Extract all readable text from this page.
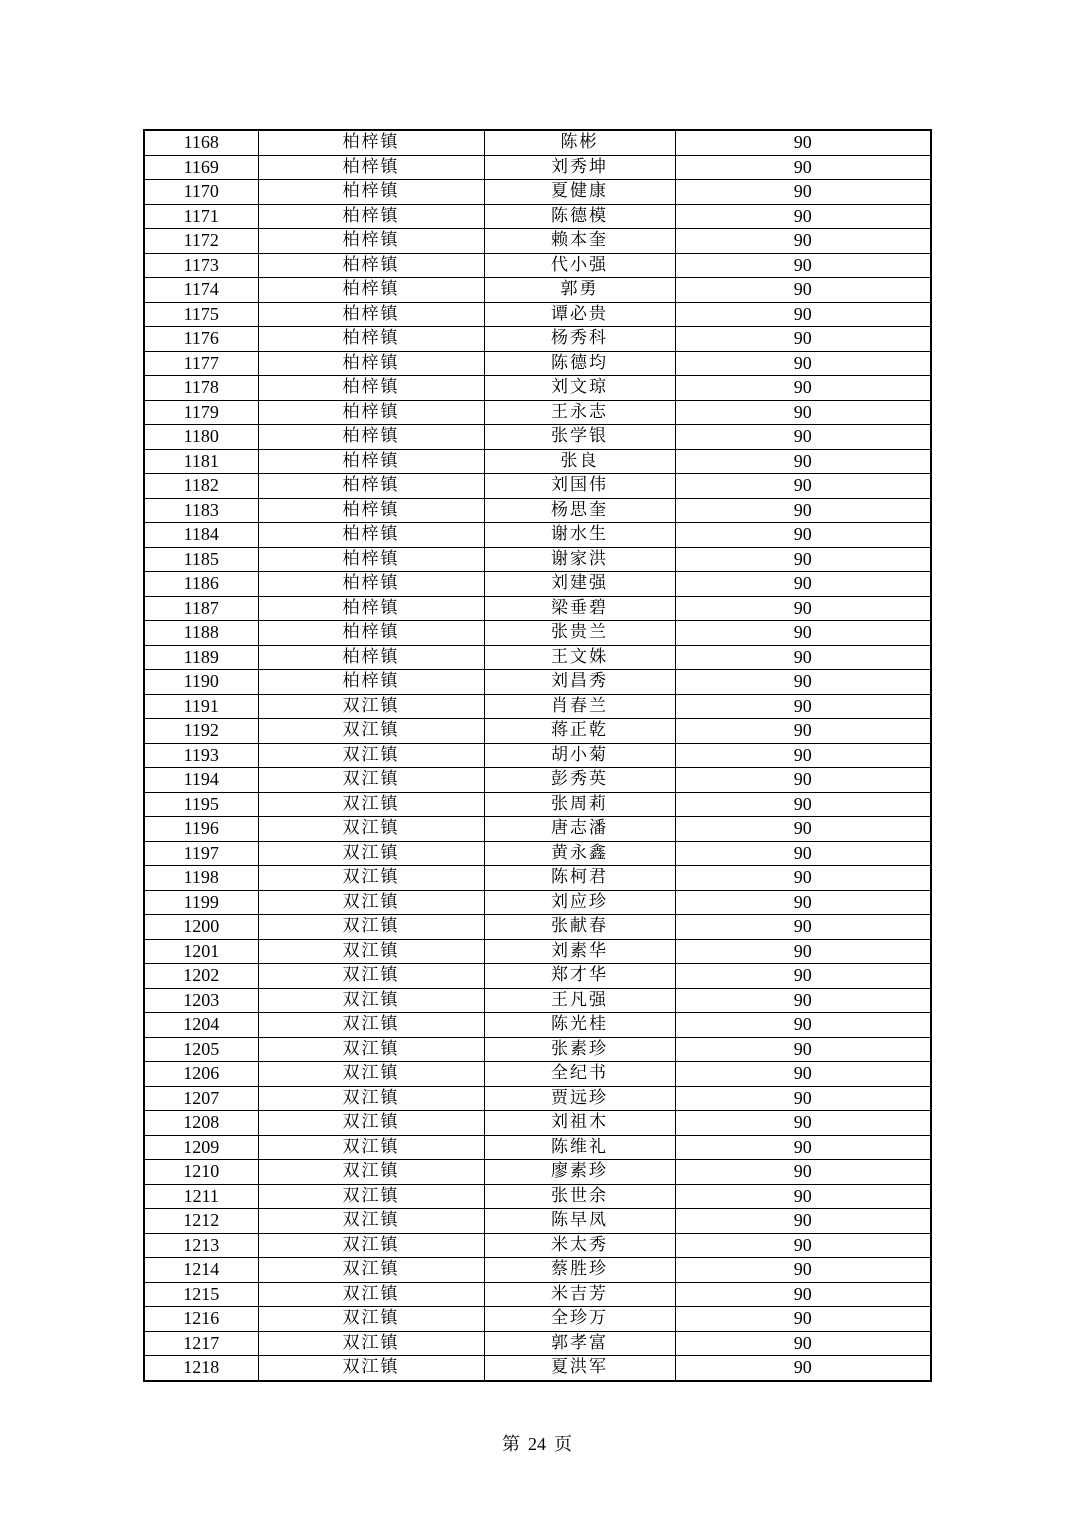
1168	柏梓镇	陈彬	90
1169	柏梓镇	刘秀坤	90
1170	柏梓镇	夏健康	90
1171	柏梓镇	陈德模	90
1172	柏梓镇	赖本奎	90
1173	柏梓镇	代小强	90
1174	柏梓镇	郭勇	90
1175	柏梓镇	谭必贵	90
1176	柏梓镇	杨秀科	90
1177	柏梓镇	陈德均	90
1178	柏梓镇	刘文琼	90
1179	柏梓镇	王永志	90
1180	柏梓镇	张学银	90
1181	柏梓镇	张良	90
1182	柏梓镇	刘国伟	90
1183	柏梓镇	杨思奎	90
1184	柏梓镇	谢水生	90
1185	柏梓镇	谢家洪	90
1186	柏梓镇	刘建强	90
1187	柏梓镇	梁垂碧	90
1188	柏梓镇	张贵兰	90
1189	柏梓镇	王文姝	90
1190	柏梓镇	刘昌秀	90
1191	双江镇	肖春兰	90
1192	双江镇	蒋正乾	90
1193	双江镇	胡小菊	90
1194	双江镇	彭秀英	90
1195	双江镇	张周莉	90
1196	双江镇	唐志潘	90
1197	双江镇	黄永鑫	90
1198	双江镇	陈柯君	90
1199	双江镇	刘应珍	90
1200	双江镇	张献春	90
1201	双江镇	刘素华	90
1202	双江镇	郑才华	90
1203	双江镇	王凡强	90
1204	双江镇	陈光桂	90
1205	双江镇	张素珍	90
1206	双江镇	全纪书	90
1207	双江镇	贾远珍	90
1208	双江镇	刘祖木	90
1209	双江镇	陈维礼	90
1210	双江镇	廖素珍	90
1211	双江镇	张世余	90
1212	双江镇	陈早凤	90
1213	双江镇	米太秀	90
1214	双江镇	蔡胜珍	90
1215	双江镇	米吉芳	90
1216	双江镇	全珍万	90
1217	双江镇	郭孝富	90
1218	双江镇	夏洪军	90
第 24 页
